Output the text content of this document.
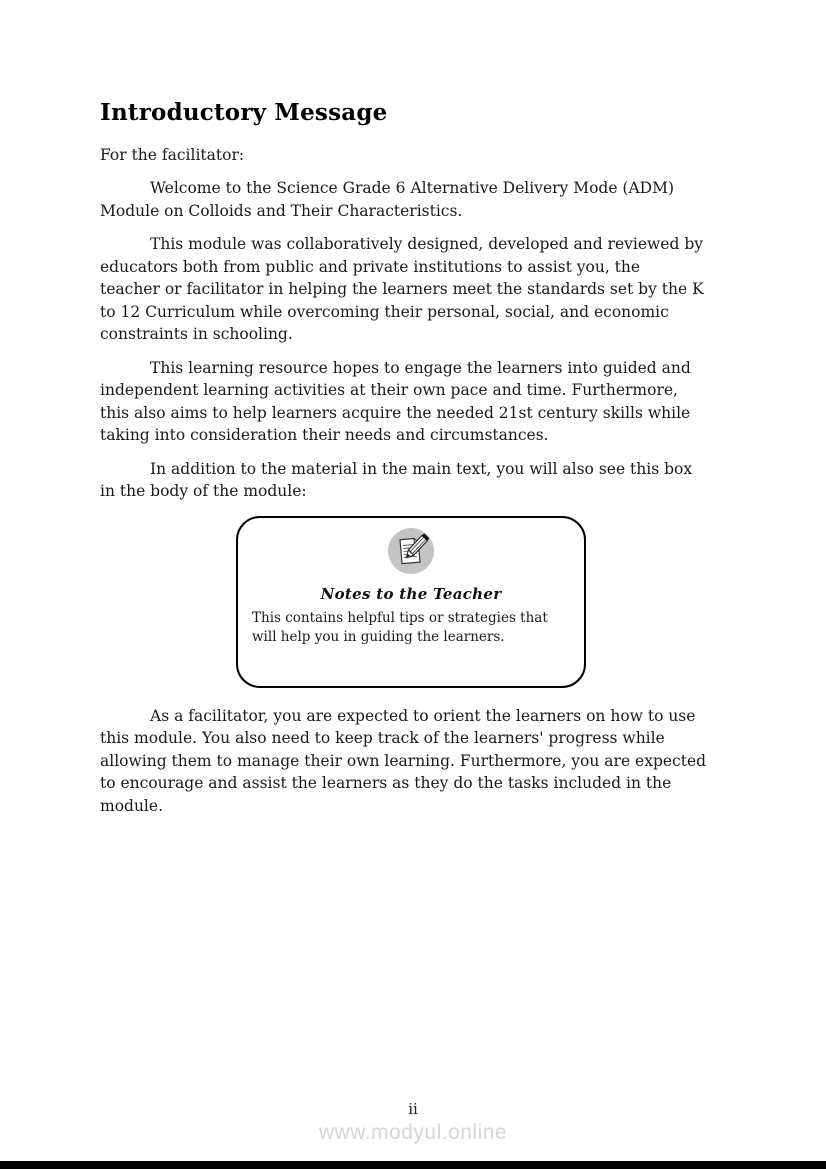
Introductory Message
For the facilitator:
Welcome to the Science Grade 6 Alternative Delivery Mode (ADM)
Module on Colloids and Their Characteristics.
This module was collaboratively designed, developed and reviewed by
educators both from public and private institutions to assist you, the
teacher or facilitator in helping the learners meet the standards set by the K
to 12 Curriculum while overcoming their personal, social, and economic
constraints in schooling.
This learning resource hopes to engage the learners into guided and
independent learning activities at their own pace and time. Furthermore,
this also aims to help learners acquire the needed 21st century skills while
taking into consideration their needs and circumstances.
In addition to the material in the main text, you will also see this box
in the body of the module:
Notes to the Teacher
This contains helpful tips or strategies that
will help you in guiding the learners.
As a facilitator, you are expected to orient the learners on how to use
this module. You also need to keep track of the learners' progress while
allowing them to manage their own learning. Furthermore, you are expected
to encourage and assist the learners as they do the tasks included in the
module.
ii
www.modyul.online
